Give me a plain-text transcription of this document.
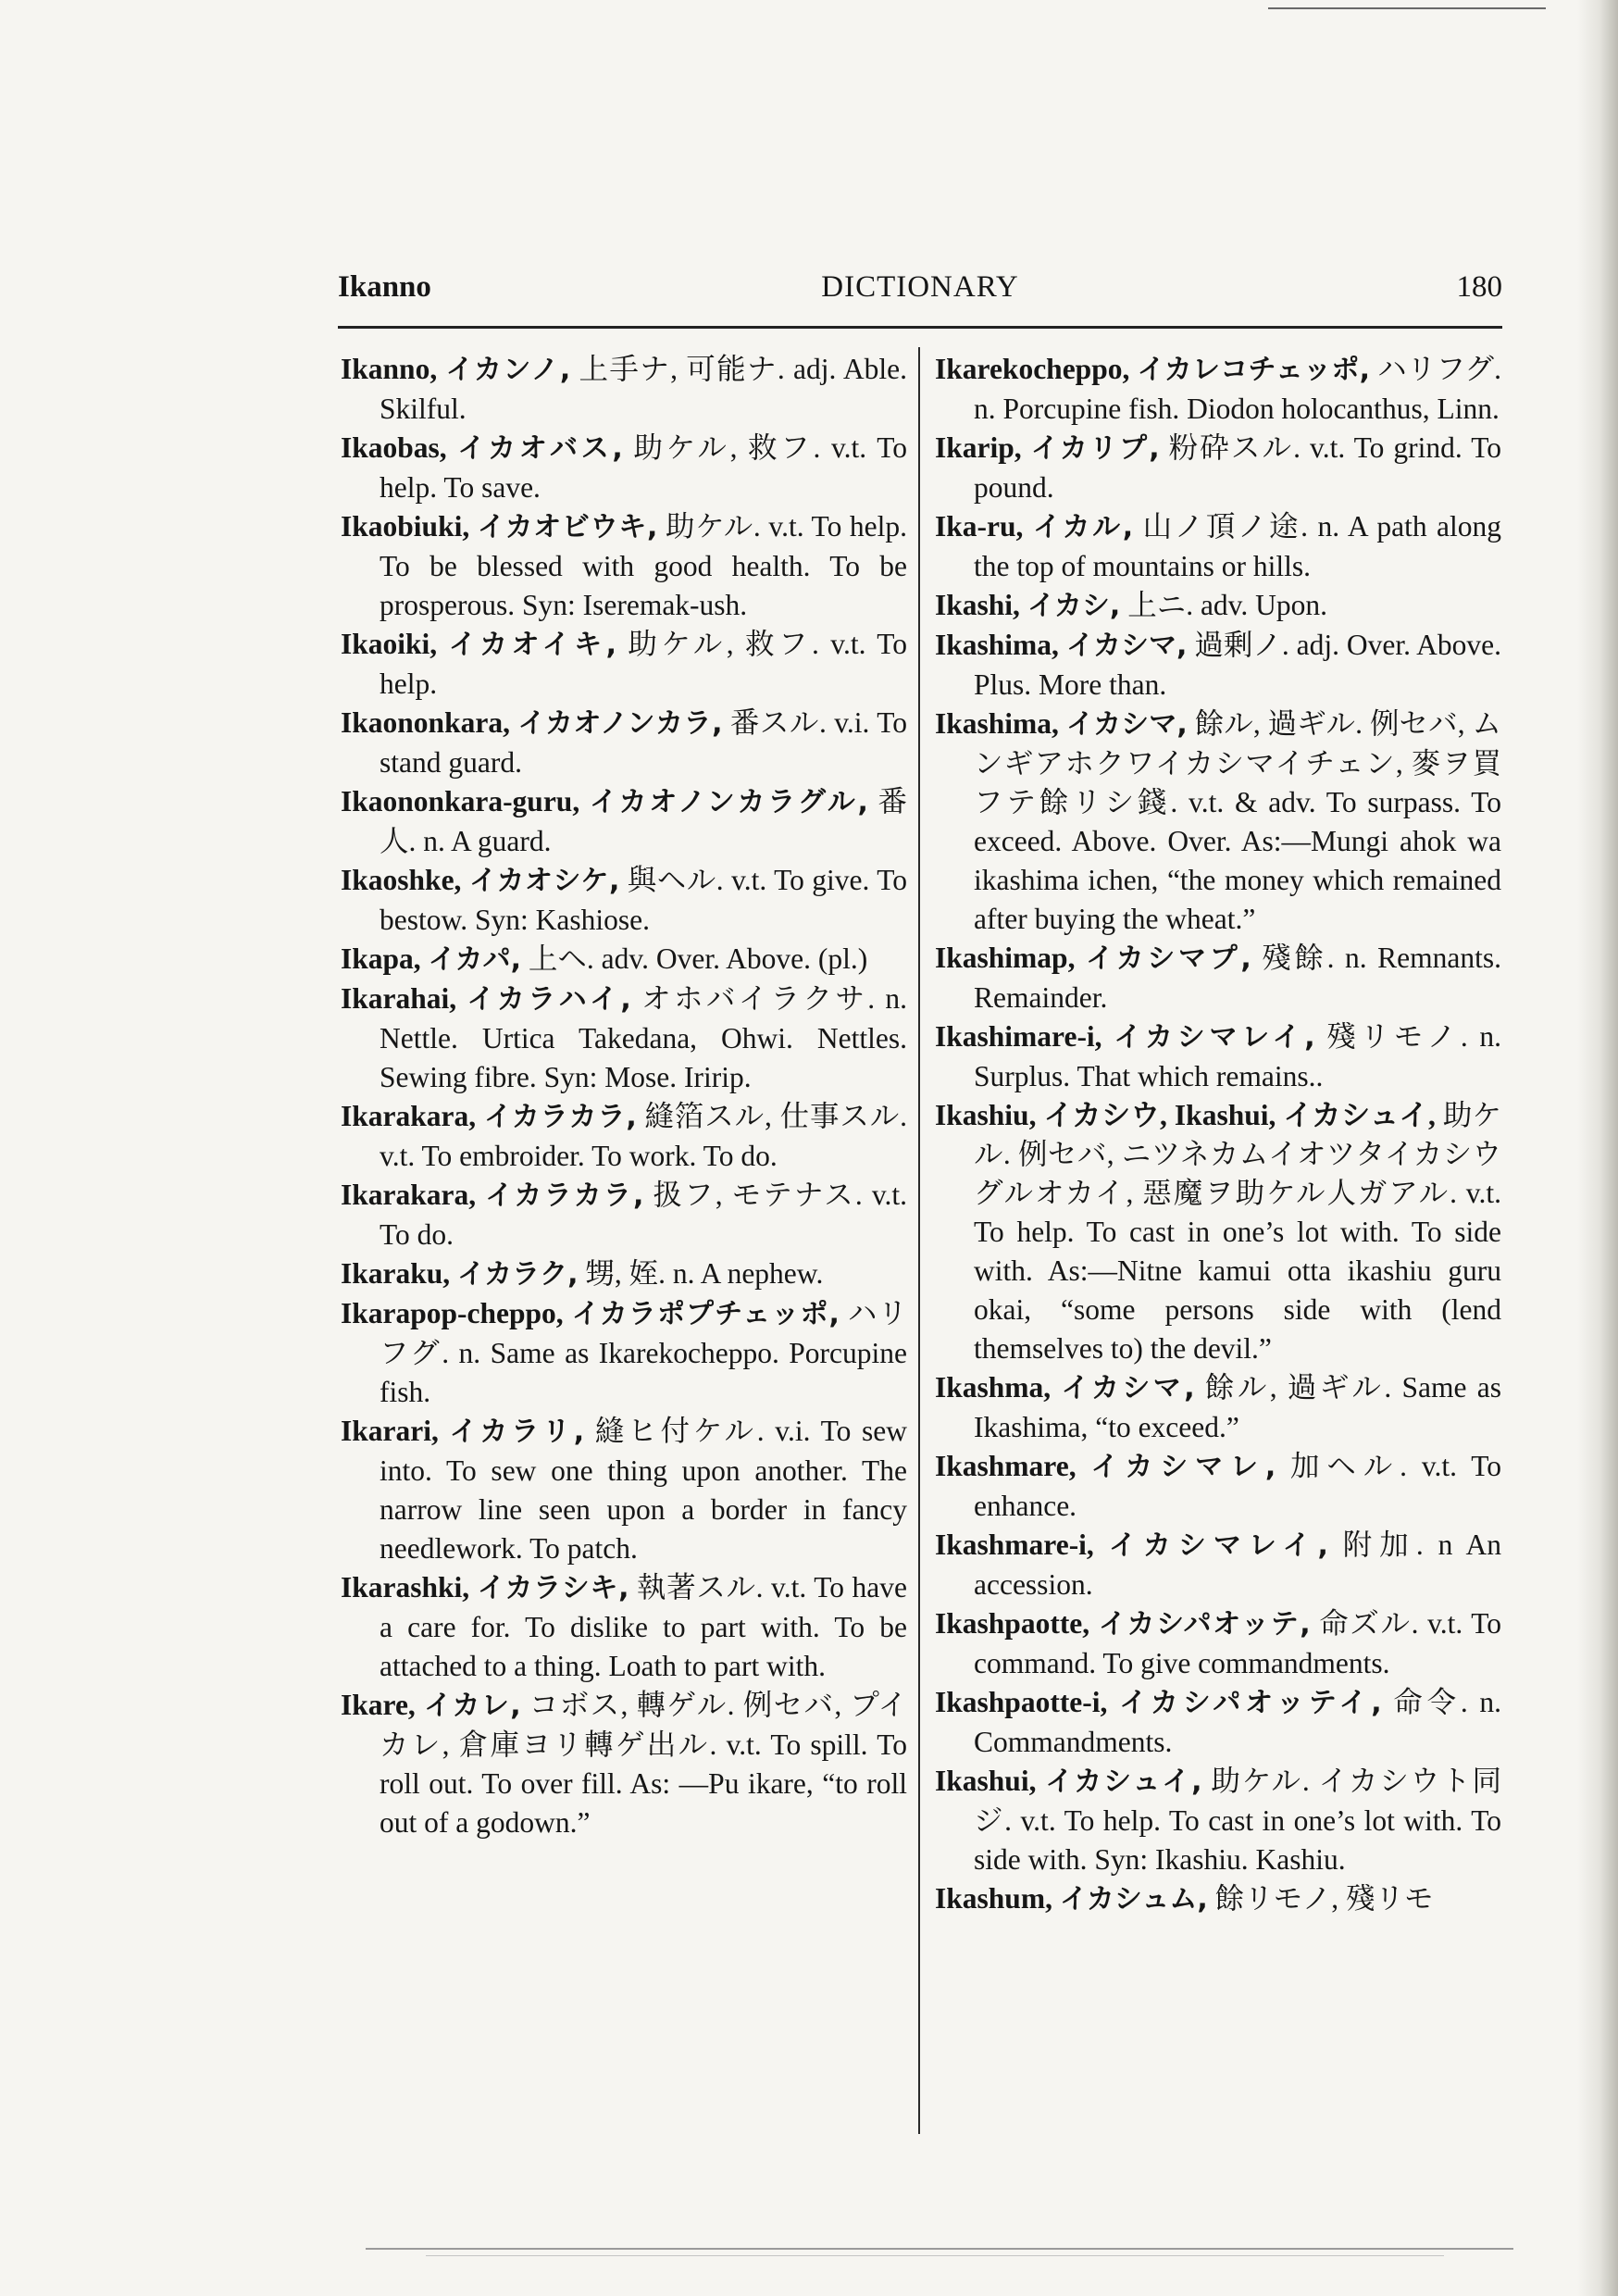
Ikanno	DICTIONARY	180

Ikanno, イカンノ, 上手ナ, 可能ナ. adj. Able. Skilful.

Ikaobas, イカオバス, 助ケル, 救フ. v.t. To help. To save.

Ikaobiuki, イカオビウキ, 助ケル. v.t. To help. To be blessed with good health. To be prosperous. Syn: Iseremak-ush.

Ikaoiki, イカオイキ, 助ケル, 救フ. v.t. To help.

Ikaononkara, イカオノンカラ, 番スル. v.i. To stand guard.

Ikaononkara-guru, イカオノンカラグル, 番人. n. A guard.

Ikaoshke, イカオシケ, 與ヘル. v.t. To give. To bestow. Syn: Kashiose.

Ikapa, イカパ, 上ヘ. adv. Over. Above. (pl.)

Ikarahai, イカラハイ, オホバイラクサ. n. Nettle. Urtica Takedana, Ohwi. Nettles. Sewing fibre. Syn: Mose. Iririp.

Ikarakara, イカラカラ, 縫箔スル, 仕事スル. v.t. To embroider. To work. To do.

Ikarakara, イカラカラ, 扱フ, モテナス. v.t. To do.

Ikaraku, イカラク, 甥, 姪. n. A nephew.

Ikarapop-cheppo, イカラポプチェッポ, ハリフグ. n. Same as Ikarekocheppo. Porcupine fish.

Ikarari, イカラリ, 縫ヒ付ケル. v.i. To sew into. To sew one thing upon another. The narrow line seen upon a border in fancy needlework. To patch.

Ikarashki, イカラシキ, 執著スル. v.t. To have a care for. To dislike to part with. To be attached to a thing. Loath to part with.

Ikare, イカレ, コボス, 轉ゲル. 例セバ, プイカレ, 倉庫ヨリ轉ゲ出ル. v.t. To spill. To roll out. To over fill. As: —Pu ikare, “to roll out of a godown.”

Ikarekocheppo, イカレコチェッポ, ハリフグ. n. Porcupine fish. Diodon holocanthus, Linn.

Ikarip, イカリプ, 粉砕スル. v.t. To grind. To pound.

Ika-ru, イカル, 山ノ頂ノ途. n. A path along the top of mountains or hills.

Ikashi, イカシ, 上ニ. adv. Upon.

Ikashima, イカシマ, 過剰ノ. adj. Over. Above. Plus. More than.

Ikashima, イカシマ, 餘ル, 過ギル. 例セバ, ムンギアホクワイカシマイチェン, 麥ヲ買フテ餘リシ錢. v.t. & adv. To surpass. To exceed. Above. Over. As:—Mungi ahok wa ikashima ichen, “the money which remained after buying the wheat.”

Ikashimap, イカシマプ, 殘餘. n. Remnants. Remainder.

Ikashimare-i, イカシマレイ, 殘リモノ. n. Surplus. That which remains..

Ikashiu, イカシウ, Ikashui, イカシュイ, 助ケル. 例セバ, ニツネカムイオツタイカシウグルオカイ, 惡魔ヲ助ケル人ガアル. v.t. To help. To cast in one’s lot with. To side with. As:—Nitne kamui otta ikashiu guru okai, “some persons side with (lend themselves to) the devil.”

Ikashma, イカシマ, 餘ル, 過ギル. Same as Ikashima, “to exceed.”

Ikashmare, イカシマレ, 加ヘル. v.t. To enhance.

Ikashmare-i, イカシマレイ, 附加. n An accession.

Ikashpaotte, イカシパオッテ, 命ズル. v.t. To command. To give commandments.

Ikashpaotte-i, イカシパオッテイ, 命令. n. Commandments.

Ikashui, イカシュイ, 助ケル. イカシウト同ジ. v.t. To help. To cast in one’s lot with. To side with. Syn: Ikashiu. Kashiu.

Ikashum, イカシュム, 餘リモノ, 殘リモ
